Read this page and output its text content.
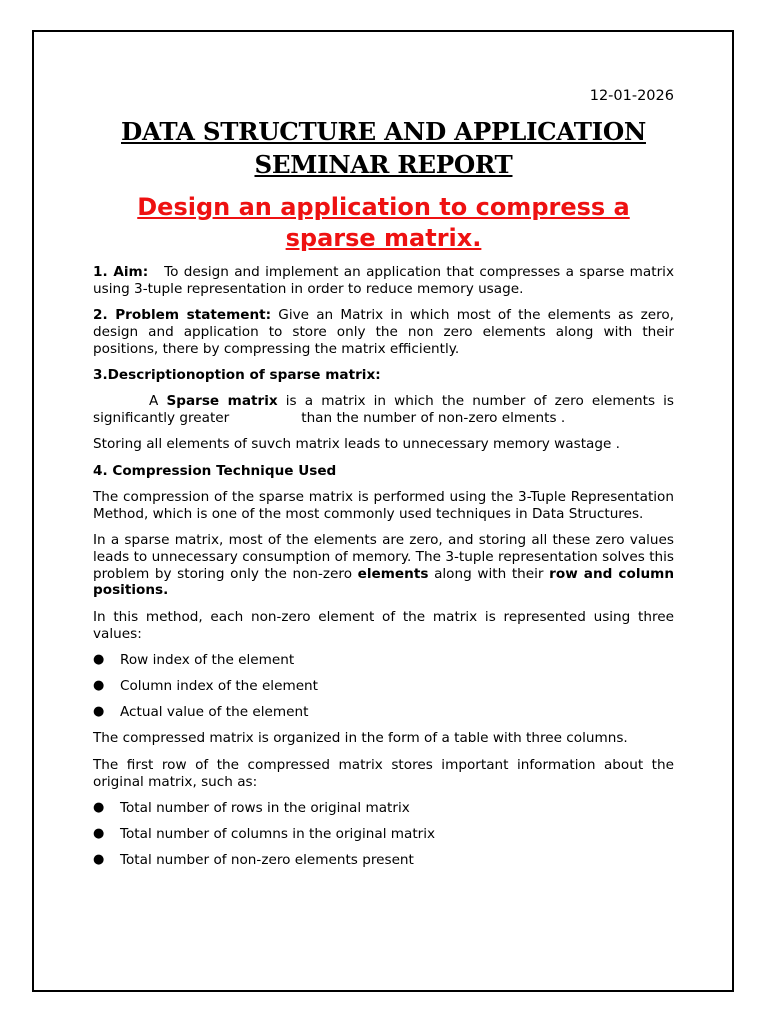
12-01-2026

DATA STRUCTURE AND APPLICATION
SEMINAR REPORT
Design an application to compress a sparse matrix.

1. Aim: To design and implement an application that compresses a sparse matrix using 3-tuple representation in order to reduce memory usage.

2. Problem statement: Give an Matrix in which most of the elements as zero, design and application to store only the non zero elements along with their positions, there by compressing the matrix efficiently.

3.Descriptionoption of sparse matrix:

A Sparse matrix is a matrix in which the number of zero elements is significantly greater	than the number of non-zero elments .

Storing all elements of suvch matrix leads to unnecessary memory wastage .

4. Compression Technique Used

The compression of the sparse matrix is performed using the 3-Tuple Representation Method, which is one of the most commonly used techniques in Data Structures.

In a sparse matrix, most of the elements are zero, and storing all these zero values leads to unnecessary consumption of memory. The 3-tuple representation solves this problem by storing only the non-zero elements along with their row and column positions.

In this method, each non-zero element of the matrix is represented using three values:

●	Row index of the element
●	Column index of the element
●	Actual value of the element

The compressed matrix is organized in the form of a table with three columns.

The first row of the compressed matrix stores important information about the original matrix, such as:

●	Total number of rows in the original matrix
●	Total number of columns in the original matrix
●	Total number of non-zero elements present
